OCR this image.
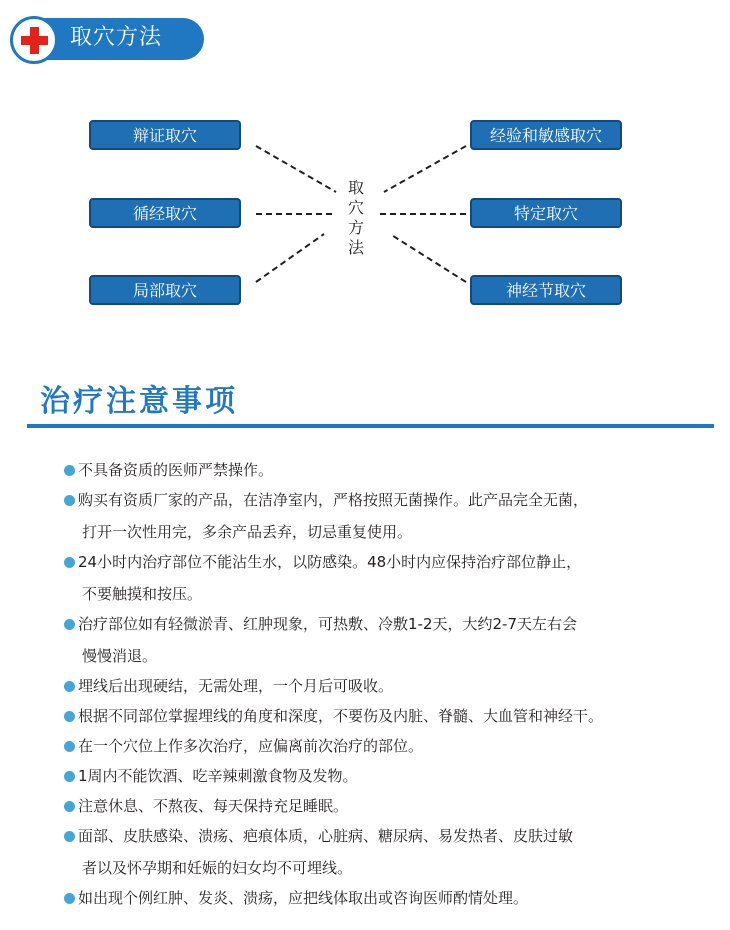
取穴方法
辩证取穴
循经取穴
局部取穴
经验和敏感取穴
特定取穴
神经节取穴
取穴方法
治疗注意事项
不具备资质的医师严禁操作。
购买有资质厂家的产品，在洁净室内，严格按照无菌操作。此产品完全无菌，
打开一次性用完，多余产品丢弃，切忌重复使用。
24小时内治疗部位不能沾生水，以防感染。48小时内应保持治疗部位静止，
不要触摸和按压。
治疗部位如有轻微淤青、红肿现象，可热敷、冷敷1-2天，大约2-7天左右会
慢慢消退。
埋线后出现硬结，无需处理，一个月后可吸收。
根据不同部位掌握埋线的角度和深度，不要伤及内脏、脊髓、大血管和神经干。
在一个穴位上作多次治疗，应偏离前次治疗的部位。
1周内不能饮酒、吃辛辣刺激食物及发物。
注意休息、不熬夜、每天保持充足睡眠。
面部、皮肤感染、溃疡、疤痕体质，心脏病、糖尿病、易发热者、皮肤过敏
者以及怀孕期和妊娠的妇女均不可埋线。
如出现个例红肿、发炎、溃疡，应把线体取出或咨询医师酌情处理。
